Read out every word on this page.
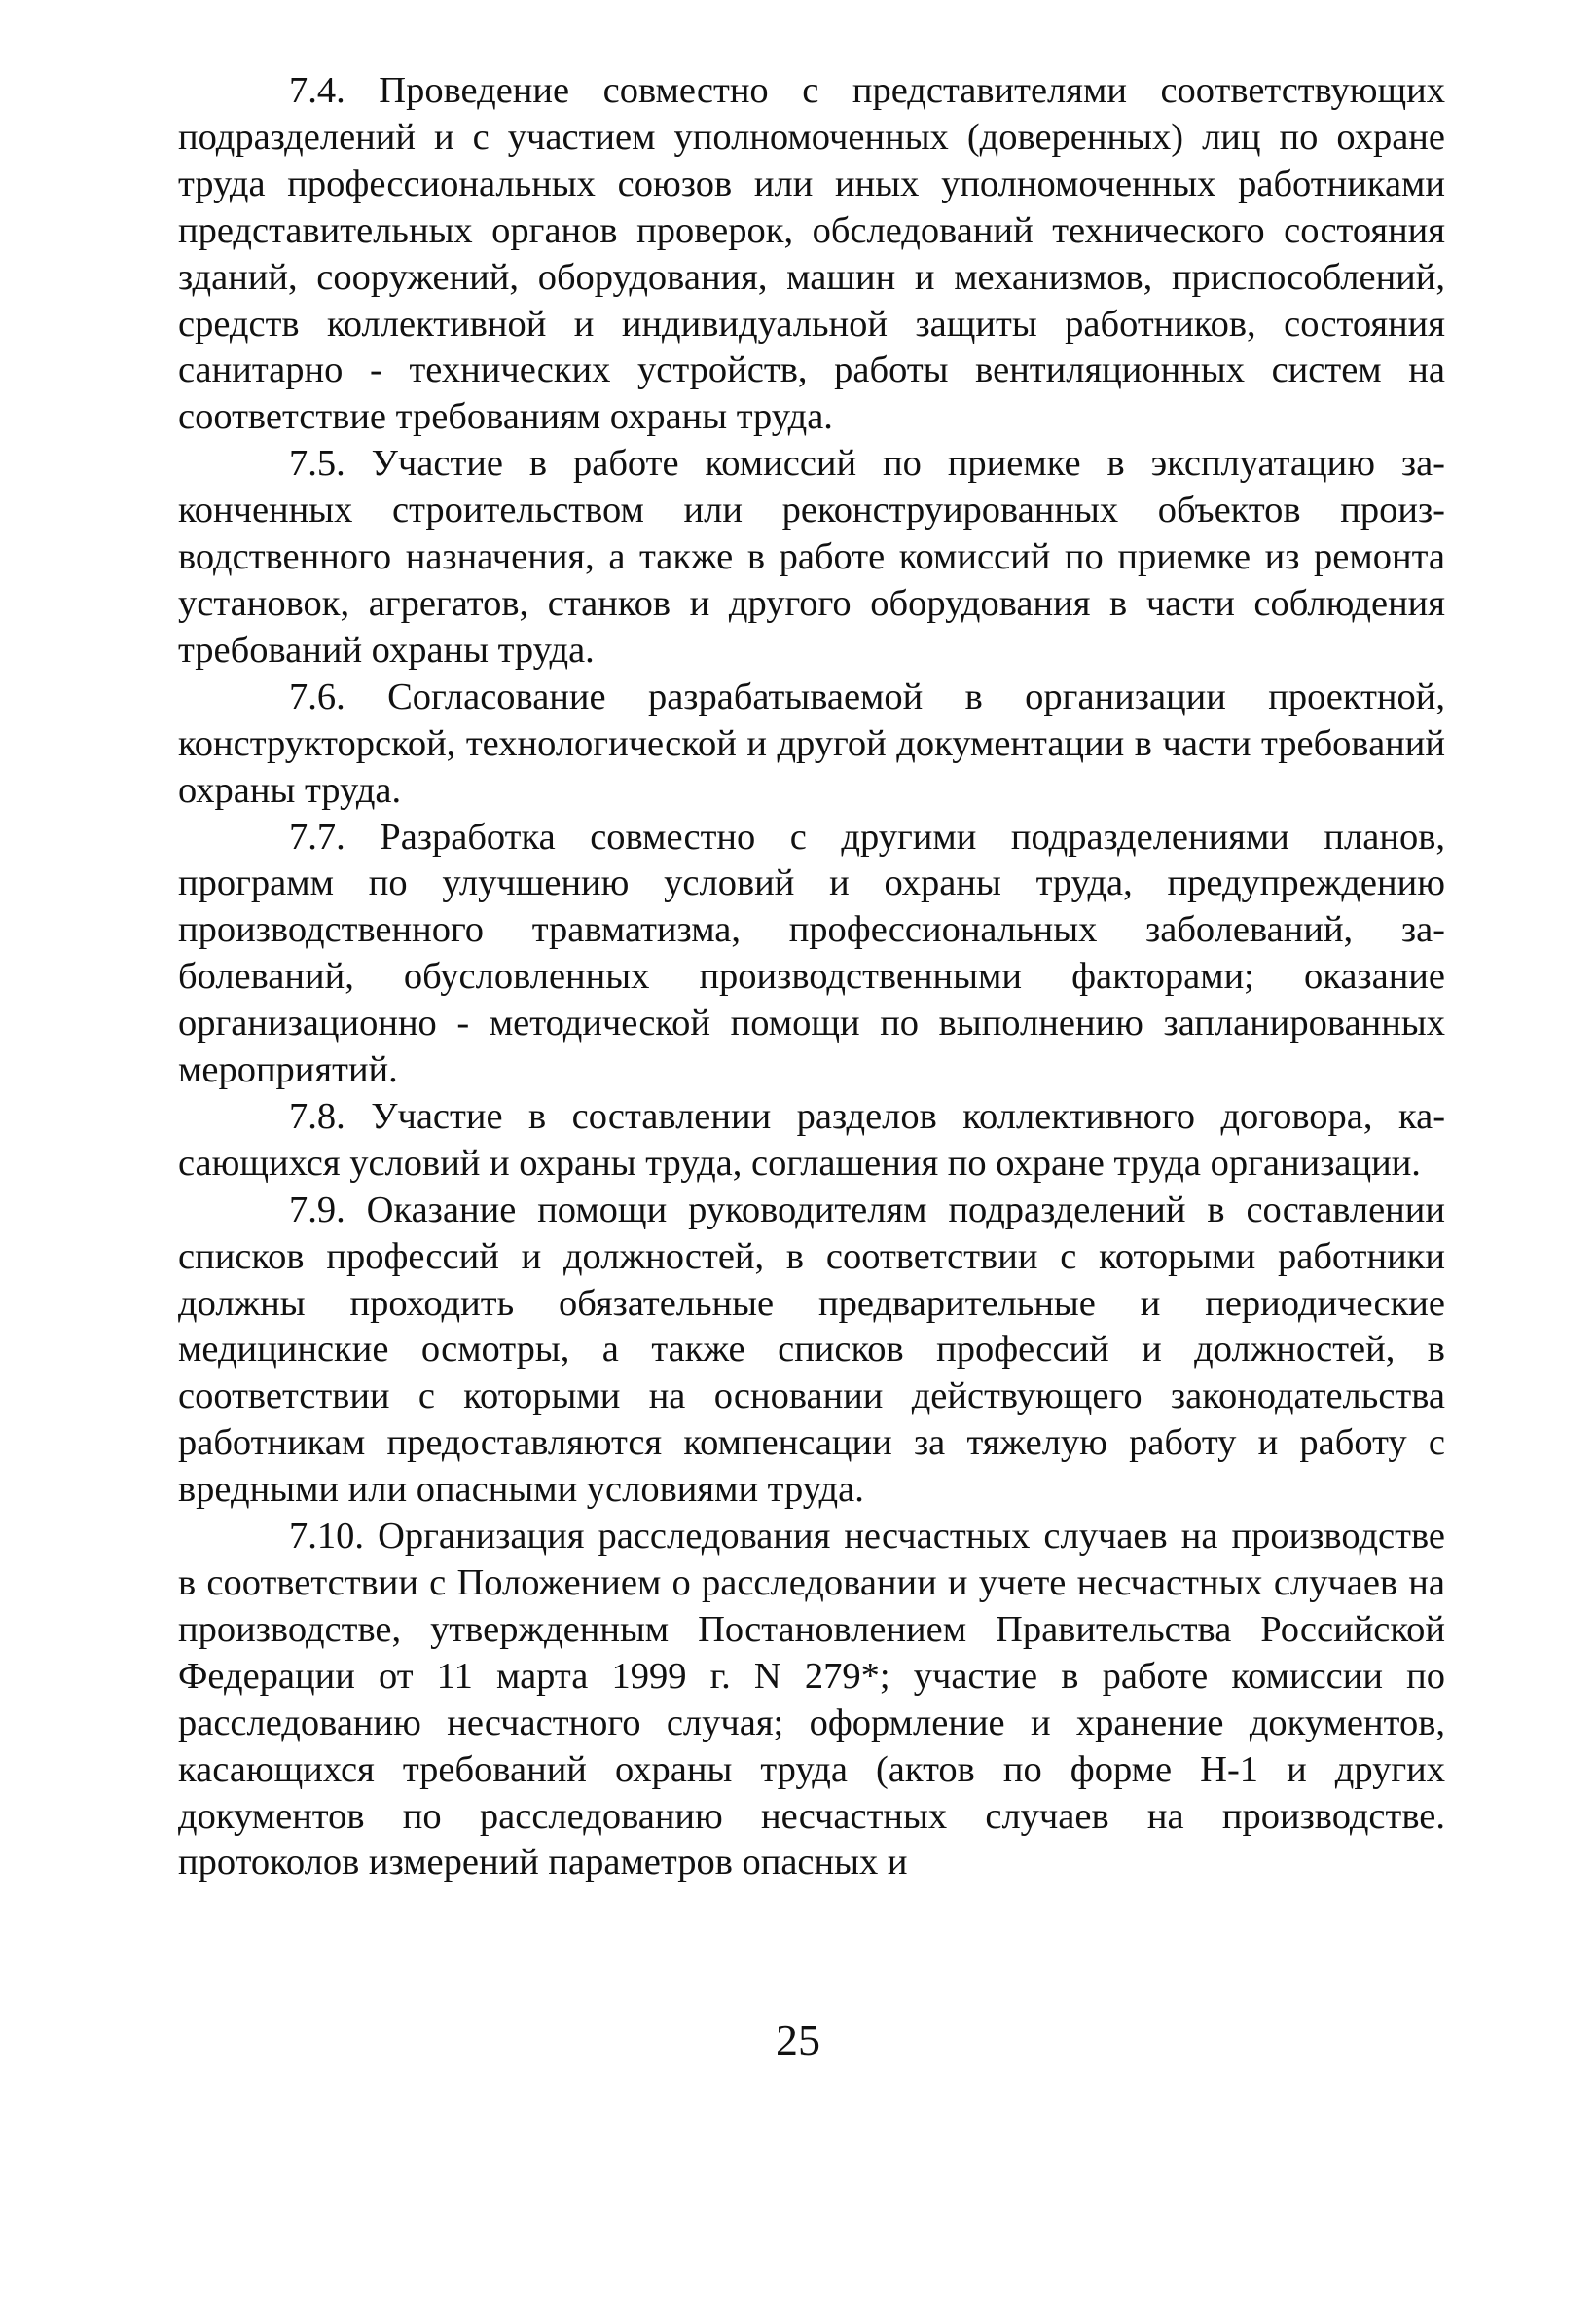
7.4. Проведение совместно с представителями соответствующих подразделений и с участием уполномоченных (доверенных) лиц по охране труда профессиональных союзов или иных уполномоченных работниками представительных органов проверок, обследований технического состояния зданий, сооружений, оборудования, машин и механизмов, приспособлений, средств коллективной и индивидуальной защиты работников, состояния санитарно - технических устройств, работы вентиляционных систем на соответствие требованиям охраны труда.

7.5. Участие в работе комиссий по приемке в эксплуатацию законченных строительством или реконструированных объектов производственного назначения, а также в работе комиссий по приемке из ремонта установок, агрегатов, станков и другого оборудования в части соблюдения требований охраны труда.

7.6. Согласование разрабатываемой в организации проектной, конструкторской, технологической и другой документации в части требований охраны труда.

7.7. Разработка совместно с другими подразделениями планов, программ по улучшению условий и охраны труда, предупреждению производственного травматизма, профессиональных заболеваний, заболеваний, обусловленных производственными факторами; оказание организационно - методической помощи по выполнению запланированных мероприятий.

7.8. Участие в составлении разделов коллективного договора, касающихся условий и охраны труда, соглашения по охране труда организации.

7.9. Оказание помощи руководителям подразделений в составлении списков профессий и должностей, в соответствии с которыми работники должны проходить обязательные предварительные и периодические медицинские осмотры, а также списков профессий и должностей, в соответствии с которыми на основании действующего законодательства работникам предоставляются компенсации за тяжелую работу и работу с вредными или опасными условиями труда.

7.10. Организация расследования несчастных случаев на производстве в соответствии с Положением о расследовании и учете несчастных случаев на производстве, утвержденным Постановлением Правительства Российской Федерации от 11 марта 1999 г. N 279*; участие в работе комиссии по расследованию несчастного случая; оформление и хранение документов, касающихся требований охраны труда (актов по форме Н-1 и других документов по расследованию несчастных случаев на производстве. протоколов измерений параметров опасных и

25
